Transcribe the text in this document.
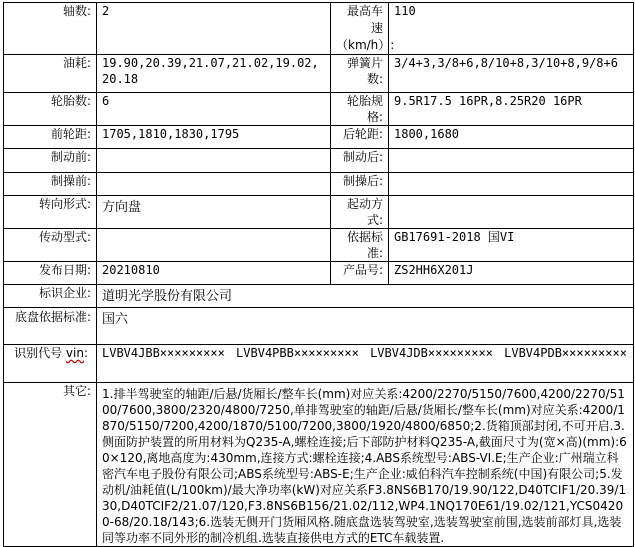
轴数:	2	最高车速（km/h）:	110
油耗:	19.90,20.39,21.07,21.02,19.02,20.18	弹簧片数:	3/4+3,3/8+6,8/10+8,3/10+8,9/8+6
轮胎数:	6	轮胎规格:	9.5R17.5 16PR,8.25R20 16PR
前轮距:	1705,1810,1830,1795	后轮距:	1800,1680
制动前:		制动后:	
制操前:		制操后:	
转向形式:	方向盘	起动方式:	
传动型式:		依据标准:	GB17691-2018 国VI
发布日期:	20210810	产品号:	ZS2HH6X201J
标识企业:	道明光学股份有限公司		
底盘依据标准:	国六		
识别代号 vin:	LVBV4JBB××××××××× LVBV4PBB××××××××× LVBV4JDB××××××××× LVBV4PDB×××××××××		
其它:	1.排半驾驶室的轴距/后悬/货厢长/整车长(mm)对应关系:4200/2270/5150/7600,4200/2270/5100/7600,3800/2320/4800/7250,单排驾驶室的轴距/后悬/货厢长/整车长(mm)对应关系:4200/1870/5150/7200,4200/1870/5100/7200,3800/1920/4800/6850;2.货箱顶部封闭,不可开启.3.侧面防护装置的所用材料为Q235-A,螺栓连接;后下部防护材料Q235-A,截面尺寸为(宽×高)(mm):60×120,离地高度为:430mm,连接方式:螺栓连接;4.ABS系统型号:ABS-VI.E;生产企业:广州瑞立科密汽车电子股份有限公司;ABS系统型号:ABS-E;生产企业:威伯科汽车控制系统(中国)有限公司;5.发动机/油耗值(L/100km)/最大净功率(kW)对应关系F3.8NS6B170/19.90/122,D40TCIF1/20.39/130,D40TCIF2/21.07/120,F3.8NS6B156/21.02/112,WP4.1NQ170E61/19.02/121,YCS04200-68/20.18/143;6.选装无侧开门货厢风格.随底盘选装驾驶室,选装驾驶室前围,选装前部灯具,选装同等功率不同外形的制冷机组.选装直接供电方式的ETC车载装置.		
